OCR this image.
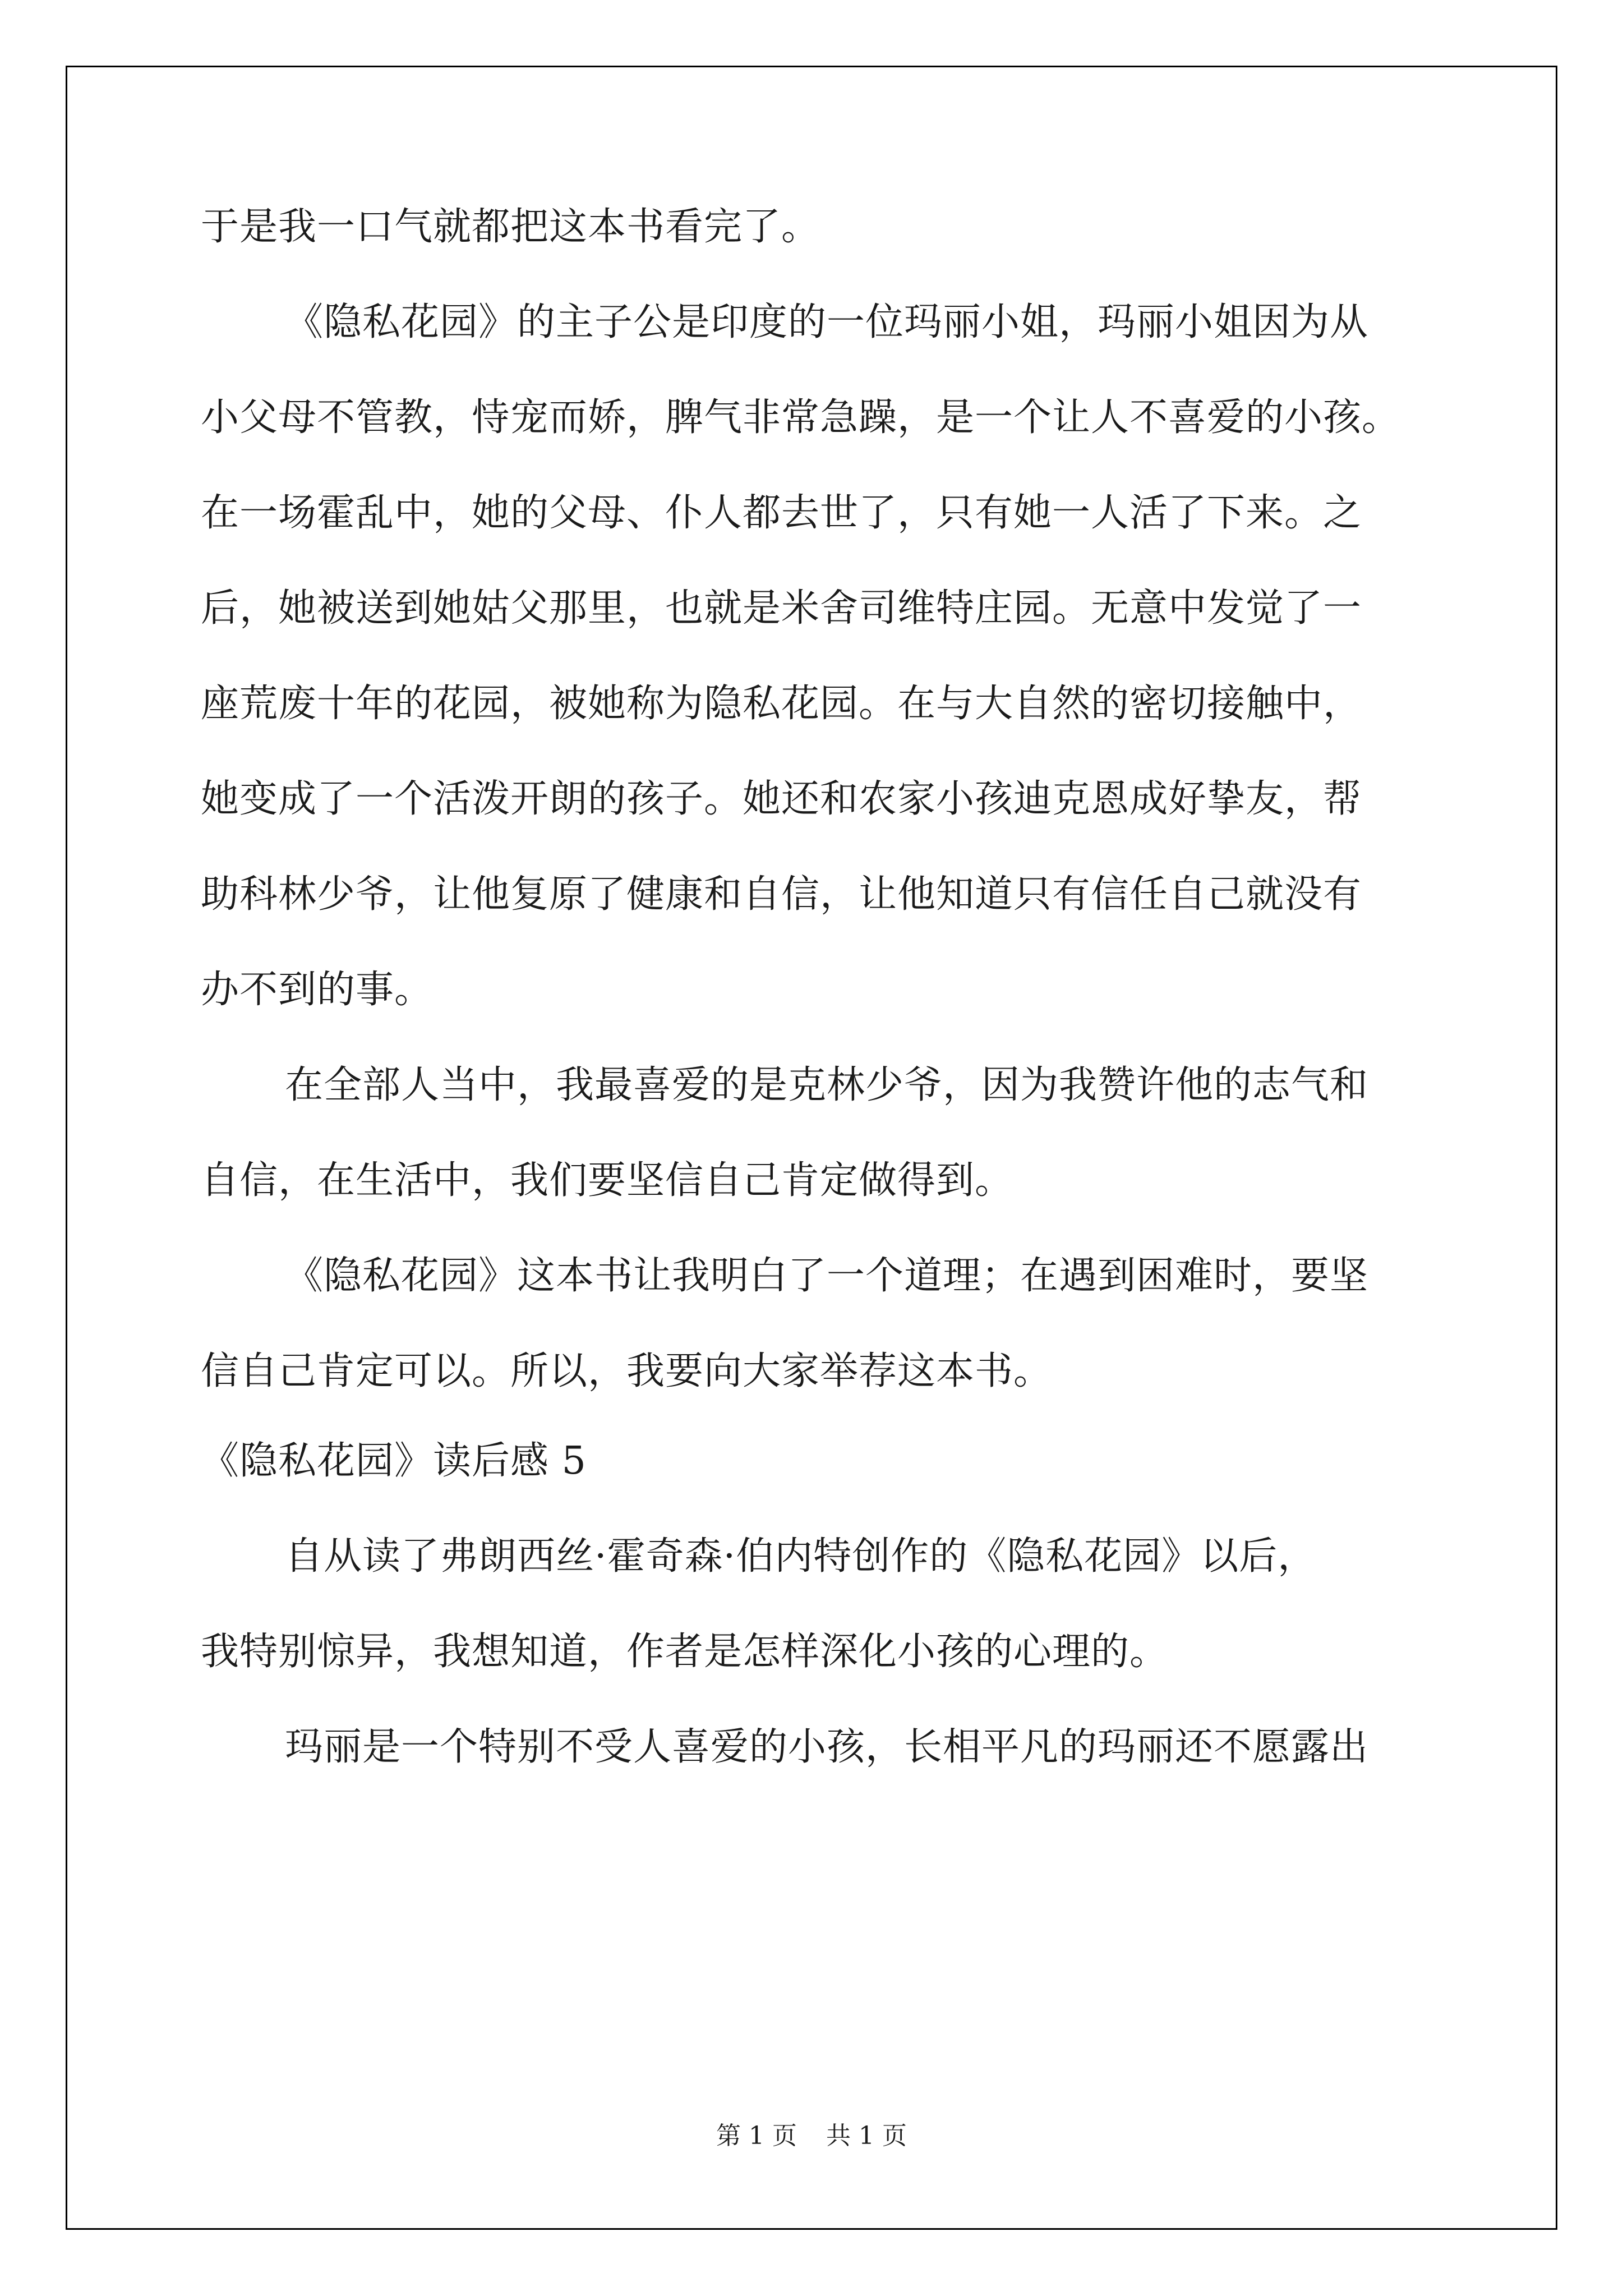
于是我一口气就都把这本书看完了。
《隐私花园》的主子公是印度的一位玛丽小姐，玛丽小姐因为从
小父母不管教，恃宠而娇，脾气非常急躁，是一个让人不喜爱的小孩。
在一场霍乱中，她的父母、仆人都去世了，只有她一人活了下来。之
后，她被送到她姑父那里，也就是米舍司维特庄园。无意中发觉了一
座荒废十年的花园，被她称为隐私花园。在与大自然的密切接触中，
她变成了一个活泼开朗的孩子。她还和农家小孩迪克恩成好挚友，帮
助科林少爷，让他复原了健康和自信，让他知道只有信任自己就没有
办不到的事。
在全部人当中，我最喜爱的是克林少爷，因为我赞许他的志气和
自信，在生活中，我们要坚信自己肯定做得到。
《隐私花园》这本书让我明白了一个道理；在遇到困难时，要坚
信自己肯定可以。所以，我要向大家举荐这本书。
《隐私花园》读后感 5
自从读了弗朗西丝·霍奇森·伯内特创作的《隐私花园》以后，
我特别惊异，我想知道，作者是怎样深化小孩的心理的。
玛丽是一个特别不受人喜爱的小孩，长相平凡的玛丽还不愿露出
第 1 页 共 1 页
